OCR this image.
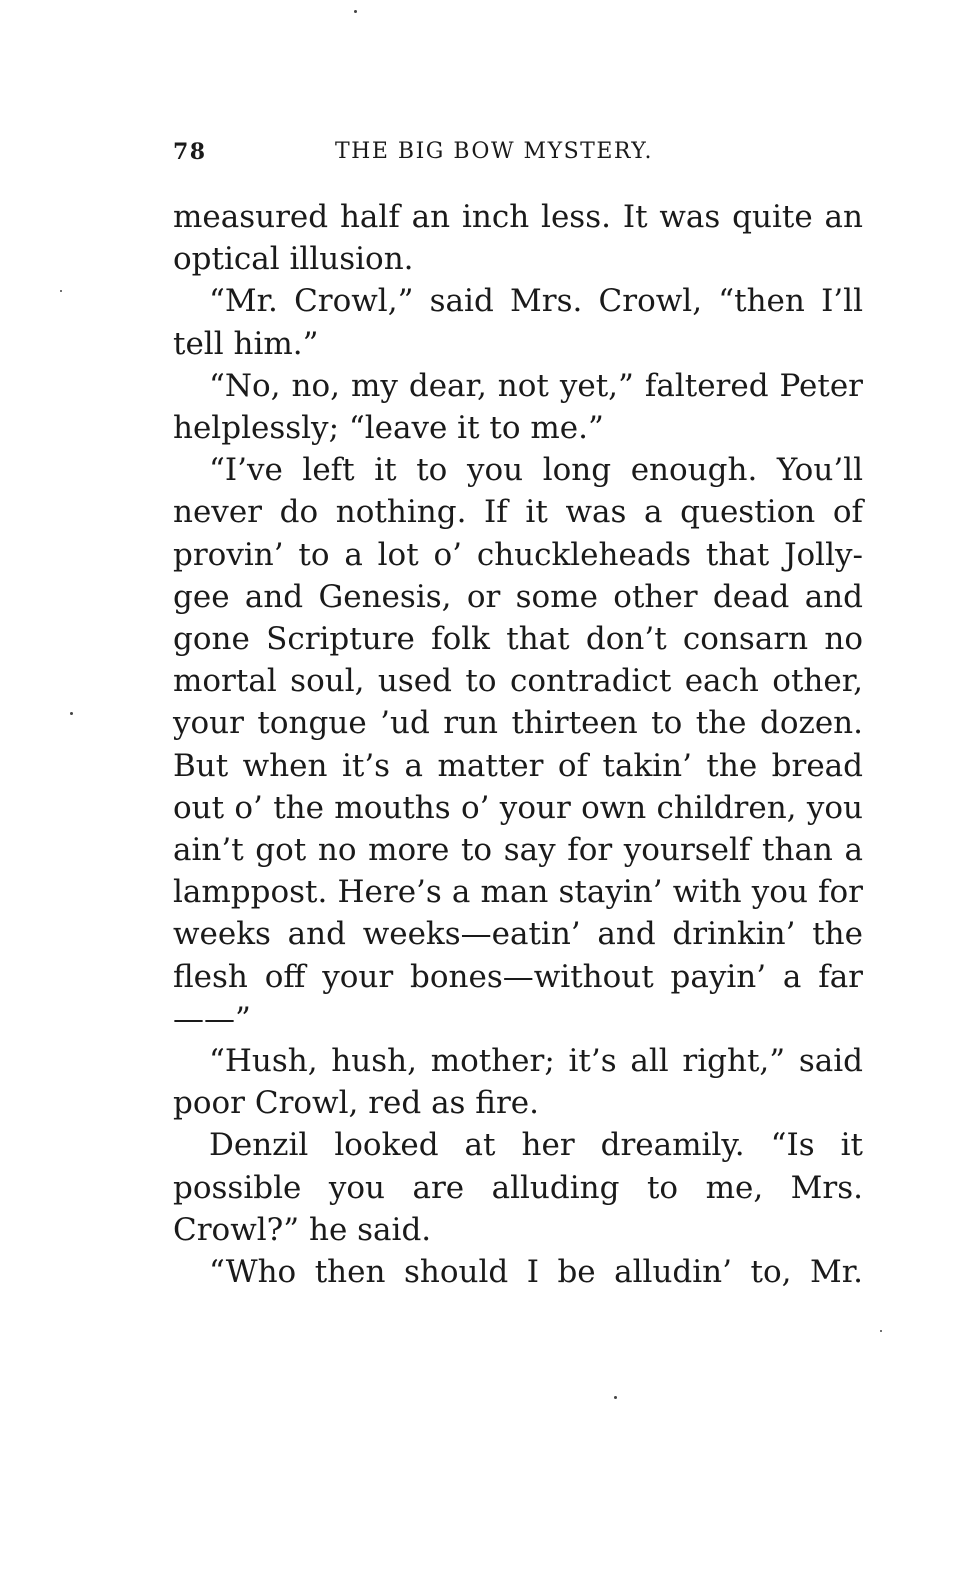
78	THE BIG BOW MYSTERY.

measured half an inch less. It was quite an optical illusion.

“Mr. Crowl,” said Mrs. Crowl, “then I’ll tell him.”

“No, no, my dear, not yet,” faltered Peter helplessly; “leave it to me.”

“I’ve left it to you long enough. You’ll never do nothing. If it was a question of provin’ to a lot o’ chuckleheads that Jolly-gee and Genesis, or some other dead and gone Scripture folk that don’t consarn no mortal soul, used to contradict each other, your tongue ’ud run thirteen to the dozen. But when it’s a matter of takin’ the bread out o’ the mouths o’ your own children, you ain’t got no more to say for yourself than a lamppost. Here’s a man stayin’ with you for weeks and weeks—eatin’ and drinkin’ the flesh off your bones—without payin’ a far——”

“Hush, hush, mother; it’s all right,” said poor Crowl, red as fire.

Denzil looked at her dreamily. “Is it possible you are alluding to me, Mrs. Crowl?” he said.

“Who then should I be alludin’ to, Mr.
